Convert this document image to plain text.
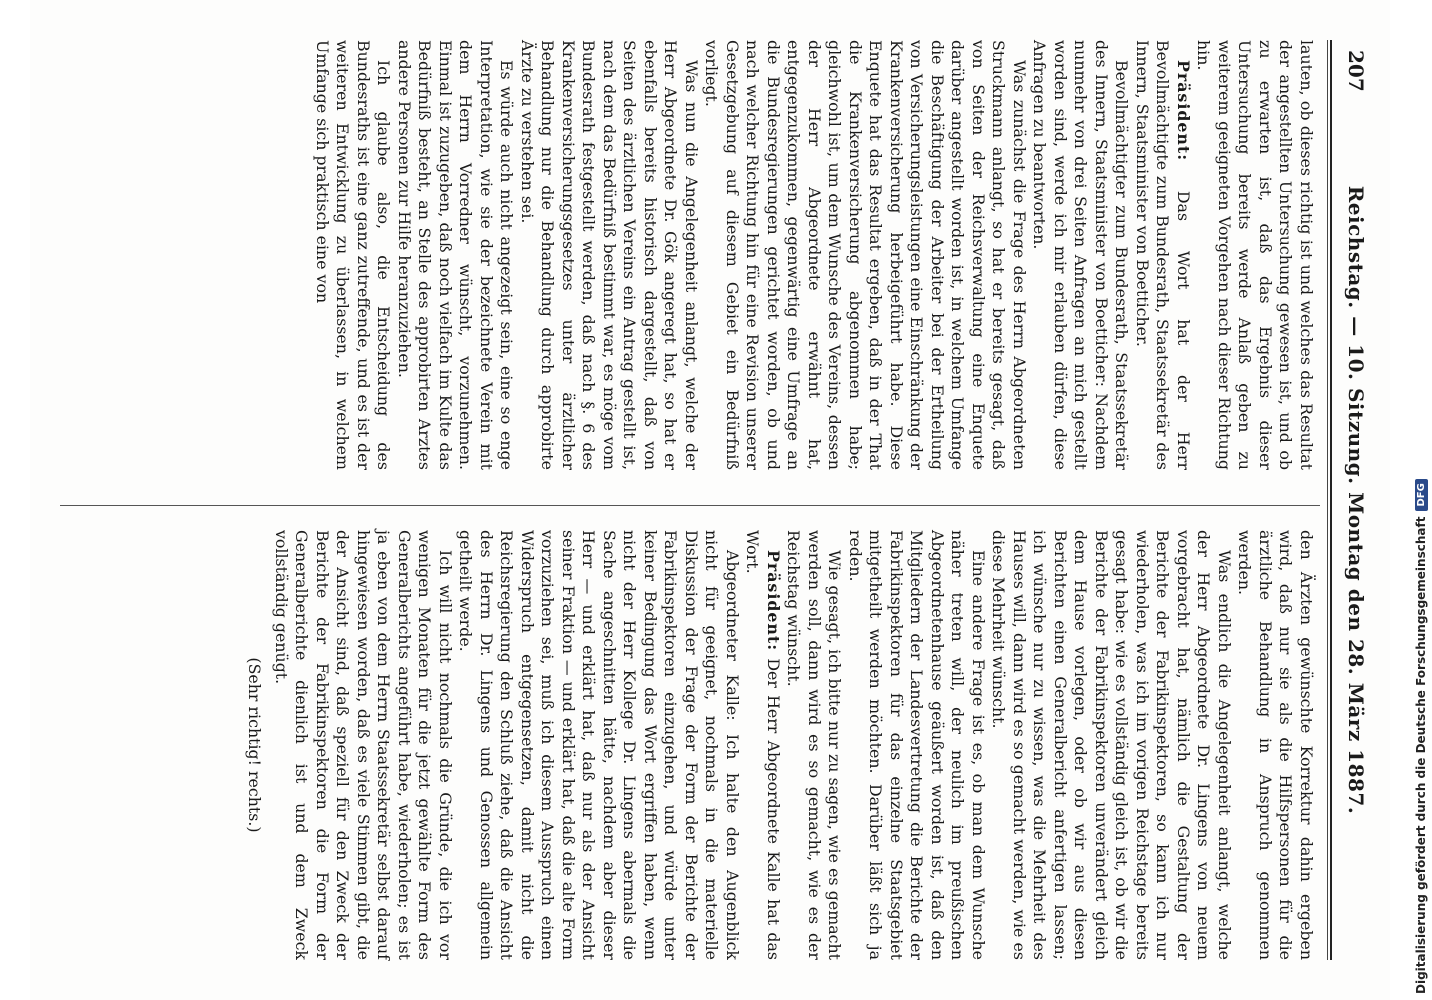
Reichstag. — 10. Sitzung. Montag den 28. März 1887.
207

lauten, ob dieses richtig ist und welches das Resultat der angestellten Untersuchung gewesen ist, und ob zu erwarten ist, daß das Ergebnis dieser Untersuchung bereits werde Anlaß geben zu weiterem geeigneten Vorgehen nach dieser Richtung hin.

Präsident: Das Wort hat der Herr Bevollmächtigte zum Bundesrath, Staatssekretär des Innern, Staatsminister von Boetticher.

Bevollmächtigter zum Bundesrath, Staatssekretär des Innern, Staatsminister von Boetticher: Nachdem nunmehr von drei Seiten Anfragen an mich gestellt worden sind, werde ich mir erlauben dürfen, diese Anfragen zu beantworten.

Was zunächst die Frage des Herrn Abgeordneten Struckmann anlangt, so hat er bereits gesagt, daß von Seiten der Reichsverwaltung eine Enquete darüber angestellt worden ist, in welchem Umfange die Beschäftigung der Arbeiter bei der Ertheilung von Versicherungsleistungen eine Einschränkung der Krankenversicherung herbeigeführt habe. Diese Enquete hat das Resultat ergeben, daß in der That die Krankenversicherung abgenommen habe; gleichwohl ist, um dem Wunsche des Vereins, dessen der Herr Abgeordnete erwähnt hat, entgegenzukommen, gegenwärtig eine Umfrage an die Bundesregierungen gerichtet worden, ob und nach welcher Richtung hin für eine Revision unserer Gesetzgebung auf diesem Gebiet ein Bedürfniß vorliegt.

Was nun die Angelegenheit anlangt, welche der Herr Abgeordnete Dr. Gök angeregt hat, so hat er ebenfalls bereits historisch dargestellt, daß von Seiten des ärztlichen Vereins ein Antrag gestellt ist, nach dem das Bedürfniß bestimmt war, es möge vom Bundesrath festgestellt werden, daß nach §. 6 des Krankenversicherungsgesetzes unter ärztlicher Behandlung nur die Behandlung durch approbirte Ärzte zu verstehen sei.

Es würde auch nicht angezeigt sein, eine so enge Interpretation, wie sie der bezeichnete Verein mit dem Herrn Vorredner wünscht, vorzunehmen. Einmal ist zuzugeben, daß noch vielfach im Kulte das Bedürfniß besteht, an Stelle des approbirten Arztes andere Personen zur Hilfe heranzuziehen.

Ich glaube also, die Entscheidung des Bundesraths ist eine ganz zutreffende, und es ist der weiteren Entwicklung zu überlassen, in welchem Umfange sich praktisch eine von

den Ärzten gewünschte Korrektur dahin ergeben wird, daß nur sie als die Hilfspersonen für die ärztliche Behandlung in Anspruch genommen werden.

Was endlich die Angelegenheit anlangt, welche der Herr Abgeordnete Dr. Lingens von neuem vorgebracht hat, nämlich die Gestaltung der Berichte der Fabrikinspektoren, so kann ich nur wiederholen, was ich im vorigen Reichstage bereits gesagt habe: wie es vollständig gleich ist, ob wir die Berichte der Fabrikinspektoren unverändert gleich dem Hause vorlegen, oder ob wir aus diesen Berichten einen Generalbericht anfertigen lassen; ich wünsche nur zu wissen, was die Mehrheit des Hauses will, dann wird es so gemacht werden, wie es diese Mehrheit wünscht.

Eine andere Frage ist es, ob man dem Wunsche näher treten will, der neulich im preußischen Abgeordnetenhause geäußert worden ist, daß den Mitgliedern der Landesvertretung die Berichte der Fabrikinspektoren für das einzelne Staatsgebiet mitgetheilt werden möchten. Darüber läßt sich ja reden.

Wie gesagt, ich bitte nur zu sagen, wie es gemacht werden soll, dann wird es so gemacht, wie es der Reichstag wünscht.

Präsident: Der Herr Abgeordnete Kalle hat das Wort.

Abgeordneter Kalle: Ich halte den Augenblick nicht für geeignet, nochmals in die materielle Diskussion der Frage der Form der Berichte der Fabrikinspektoren einzugehen, und würde unter keiner Bedingung das Wort ergriffen haben, wenn nicht der Herr Kollege Dr. Lingens abermals die Sache angeschnitten hätte, nachdem aber dieser Herr — und erklärt hat, daß nur als der Ansicht seiner Fraktion — und erklärt hat, daß die alte Form vorzuziehen sei, muß ich diesem Ausspruch einen Widerspruch entgegensetzen, damit nicht die Reichsregierung den Schluß ziehe, daß die Ansicht des Herrn Dr. Lingens und Genossen allgemein getheilt werde.

Ich will nicht nochmals die Gründe, die ich vor wenigen Monaten für die jetzt gewählte Form des Generalberichts angeführt habe, wiederholen; es ist ja eben von dem Herrn Staatssekretär selbst darauf hingewiesen worden, daß es viele Stimmen gibt, die der Ansicht sind, daß speziell für den Zweck der Berichte der Fabrikinspektoren die Form der Generalberichte dienlich ist und dem Zweck vollständig genügt.

(Sehr richtig! rechts.)	Digitalisierung gefördert durch die Deutsche Forschungsgemeinschaft
DFG
